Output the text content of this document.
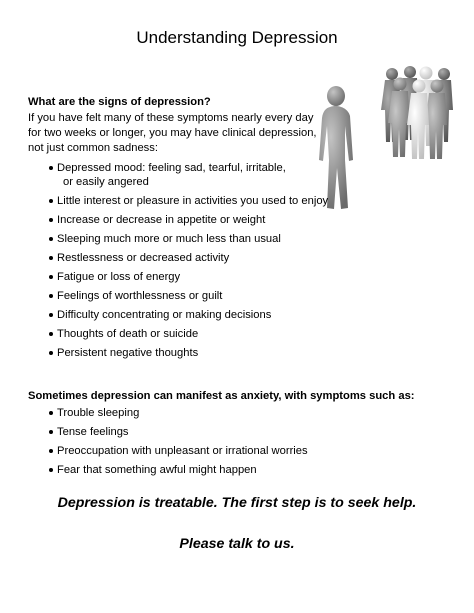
Understanding Depression
What are the signs of depression?
If you have felt many of these symptoms nearly every day
for two weeks or longer, you may have clinical depression,
not just common sadness:
Depressed mood: feeling sad, tearful, irritable,
or easily angered
Little interest or pleasure in activities you used to enjoy
Increase or decrease in appetite or weight
Sleeping much more or much less than usual
Restlessness or decreased activity
Fatigue or loss of energy
Feelings of worthlessness or guilt
Difficulty concentrating or making decisions
Thoughts of death or suicide
Persistent negative thoughts
Sometimes depression can manifest as anxiety, with symptoms such as:
Trouble sleeping
Tense feelings
Preoccupation with unpleasant or irrational worries
Fear that something awful might happen
Depression is treatable. The first step is to seek help.
Please talk to us.
